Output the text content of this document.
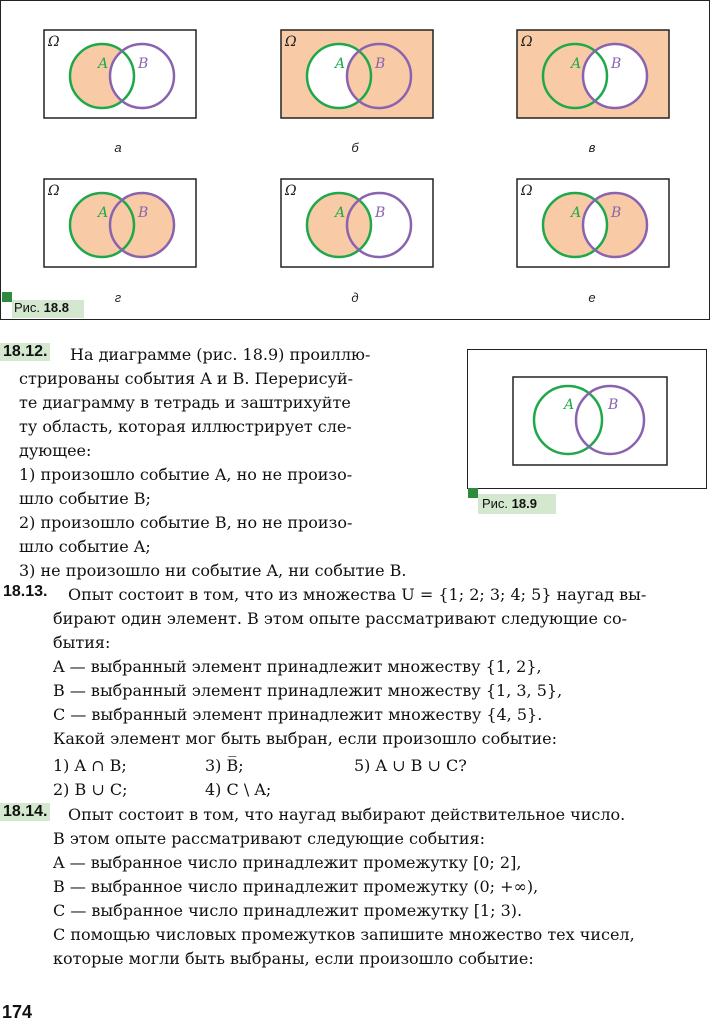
Ω
A B
а
Ω
A B
б
Ω
A B
в
Ω
A B
г
Ω
A B
д
Ω
A B
е
Рис. 18.8
A B
Рис. 18.9
18.12. На диаграмме (рис. 18.9) проиллю-
стрированы события A и B. Перерисуй-
те диаграмму в тетрадь и заштрихуйте
ту область, которая иллюстрирует сле-
дующее:
1) произошло событие A, но не произо-
шло событие B;
2) произошло событие B, но не произо-
шло событие A;
3) не произошло ни событие A, ни событие B.
18.13. Опыт состоит в том, что из множества U = {1; 2; 3; 4; 5} наугад вы-
бирают один элемент. В этом опыте рассматривают следующие со-
бытия:
A — выбранный элемент принадлежит множеству {1, 2},
B — выбранный элемент принадлежит множеству {1, 3, 5},
C — выбранный элемент принадлежит множеству {4, 5}.
Какой элемент мог быть выбран, если произошло событие:
1) A ∩ B;	3) B̅;	5) A ∪ B ∪ C?
2) B ∪ C;	4) C \ A;
18.14. Опыт состоит в том, что наугад выбирают действительное число.
В этом опыте рассматривают следующие события:
A — выбранное число принадлежит промежутку [0; 2],
B — выбранное число принадлежит промежутку (0; +∞),
C — выбранное число принадлежит промежутку [1; 3).
С помощью числовых промежутков запишите множество тех чисел,
которые могли быть выбраны, если произошло событие:
174
